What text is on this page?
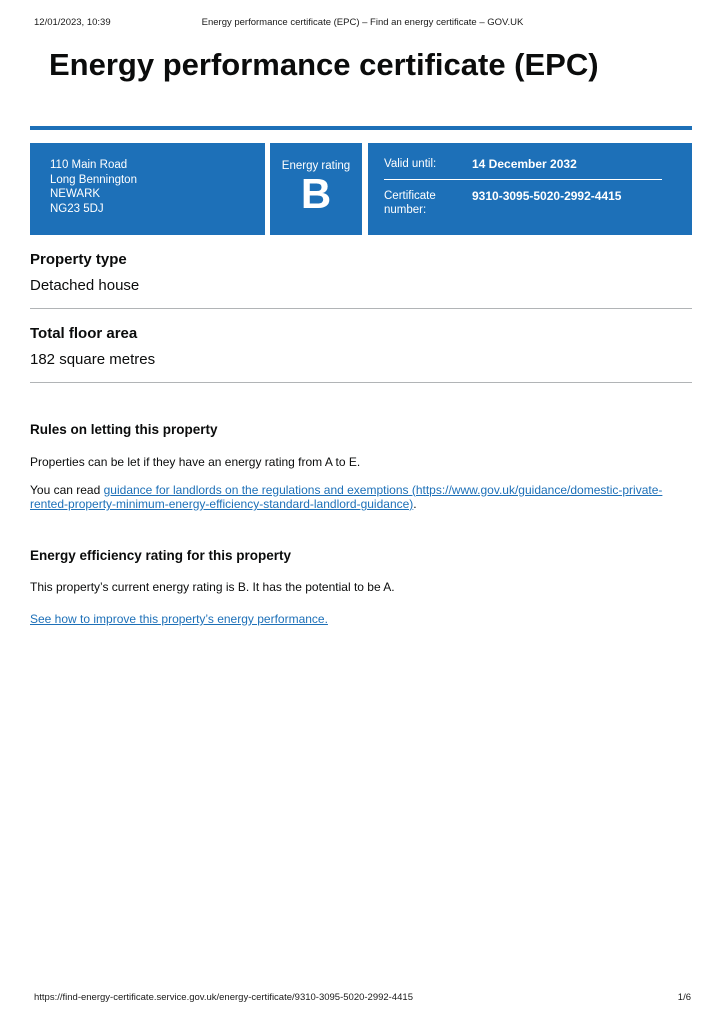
12/01/2023, 10:39	Energy performance certificate (EPC) – Find an energy certificate – GOV.UK
Energy performance certificate (EPC)
110 Main Road
Long Bennington
NEWARK
NG23 5DJ
Energy rating
B
Valid until:	14 December 2032
Certificate number:
9310-3095-5020-2992-4415
Property type

Detached house

Total floor area

182 square metres

Rules on letting this property

Properties can be let if they have an energy rating from A to E.

You can read guidance for landlords on the regulations and exemptions (https://www.gov.uk/guidance/domestic-private-rented-property-minimum-energy-efficiency-standard-landlord-guidance).

Energy efficiency rating for this property

This property’s current energy rating is B. It has the potential to be A.

See how to improve this property’s energy performance.

https://find-energy-certificate.service.gov.uk/energy-certificate/9310-3095-5020-2992-4415	1/6
